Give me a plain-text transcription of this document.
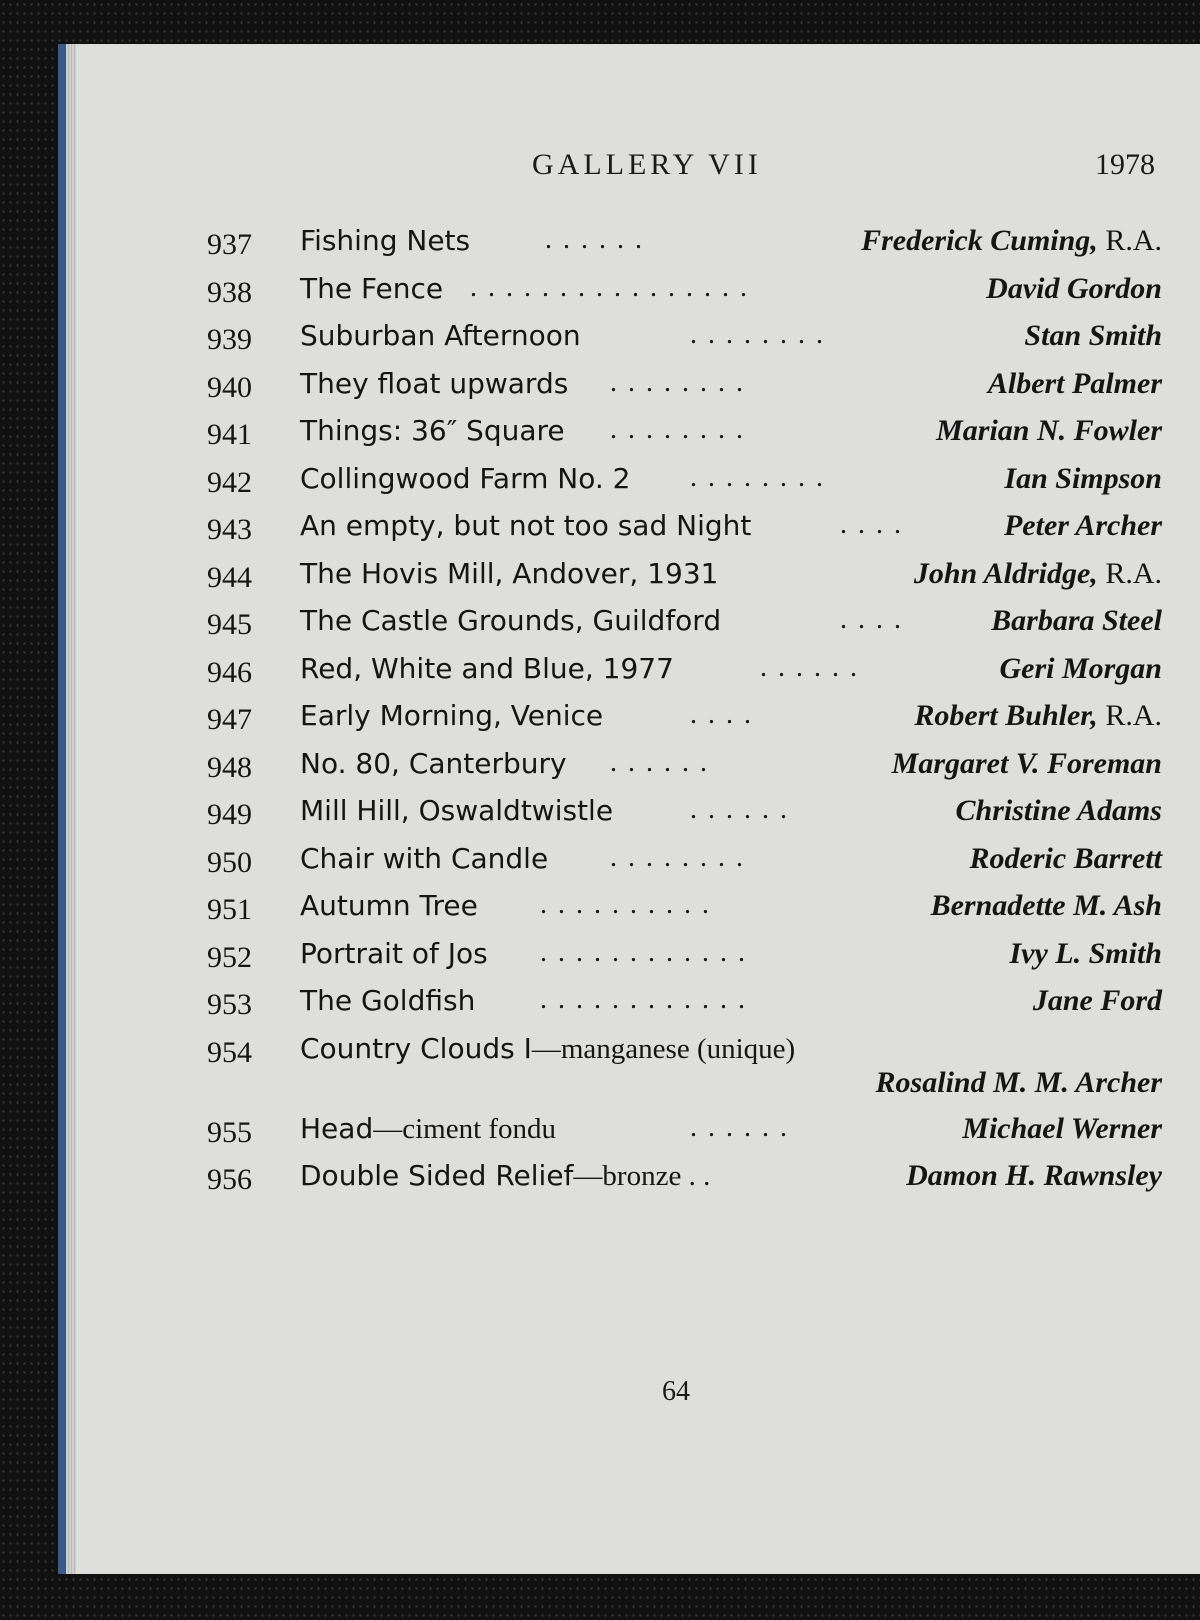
GALLERY VII	1978
937 Fishing Nets	. . . . . .	Frederick Cuming, R.A.
938 The Fence . . . . . . . . . . . . . . . .	David Gordon
939 Suburban Afternoon	. . . . . . . .	Stan Smith
940 They float upwards . . . . . . . .	Albert Palmer
941 Things: 36″ Square . . . . . . . .	Marian N. Fowler
942 Collingwood Farm No. 2 . . . . . . . .	Ian Simpson
943 An empty, but not too sad Night	. . . .	Peter Archer
944 The Hovis Mill, Andover, 1931	John Aldridge, R.A.
945 The Castle Grounds, Guildford	. . . .	Barbara Steel
946 Red, White and Blue, 1977	. . . . . .	Geri Morgan
947 Early Morning, Venice	. . . .	Robert Buhler, R.A.
948 No. 80, Canterbury . . . . . .	Margaret V. Foreman
949 Mill Hill, Oswaldtwistle	. . . . . .	Christine Adams
950 Chair with Candle . . . . . . . .	Roderic Barrett
951 Autumn Tree . . . . . . . . . .	Bernadette M. Ash
952 Portrait of Jos . . . . . . . . . . . .	Ivy L. Smith
953 The Goldfish . . . . . . . . . . . .	Jane Ford
954 Country Clouds I—manganese (unique)
Rosalind M. M. Archer
955 Head—ciment fondu	. . . . . .	Michael Werner
956 Double Sided Relief—bronze . .	Damon H. Rawnsley
64
